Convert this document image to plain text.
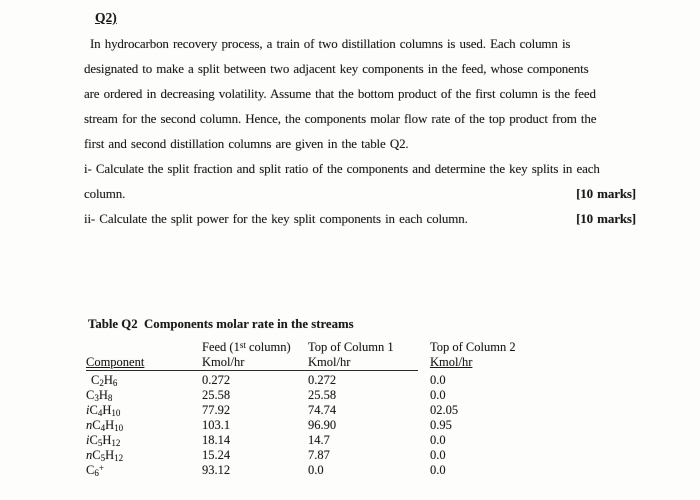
Q2)
In hydrocarbon recovery process, a train of two distillation columns is used. Each column is
designated to make a split between two adjacent key components in the feed, whose components
are ordered in decreasing volatility. Assume that the bottom product of the first column is the feed
stream for the second column. Hence, the components molar flow rate of the top product from the
first and second distillation columns are given in the table Q2.
i- Calculate the split fraction and split ratio of the components and determine the key splits in each
column.	[10 marks]
ii- Calculate the split power for the key split components in each column.	[10 marks]
Table Q2  Components molar rate in the streams
Feed (1st column)	Top of Column 1	Top of Column 2
Component	Kmol/hr	Kmol/hr	Kmol/hr
$C_2H_6$	0.272	0.272	0.0
$C_3H_8$	25.58	25.58	0.0
$iC_4H_{10}$	77.92	74.74	02.05
$nC_4H_{10}$	103.1	96.90	0.95
$iC_5H_{12}$	18.14	14.7	0.0
$nC_5H_{12}$	15.24	7.87	0.0
$C_6^+$	93.12	0.0	0.0
